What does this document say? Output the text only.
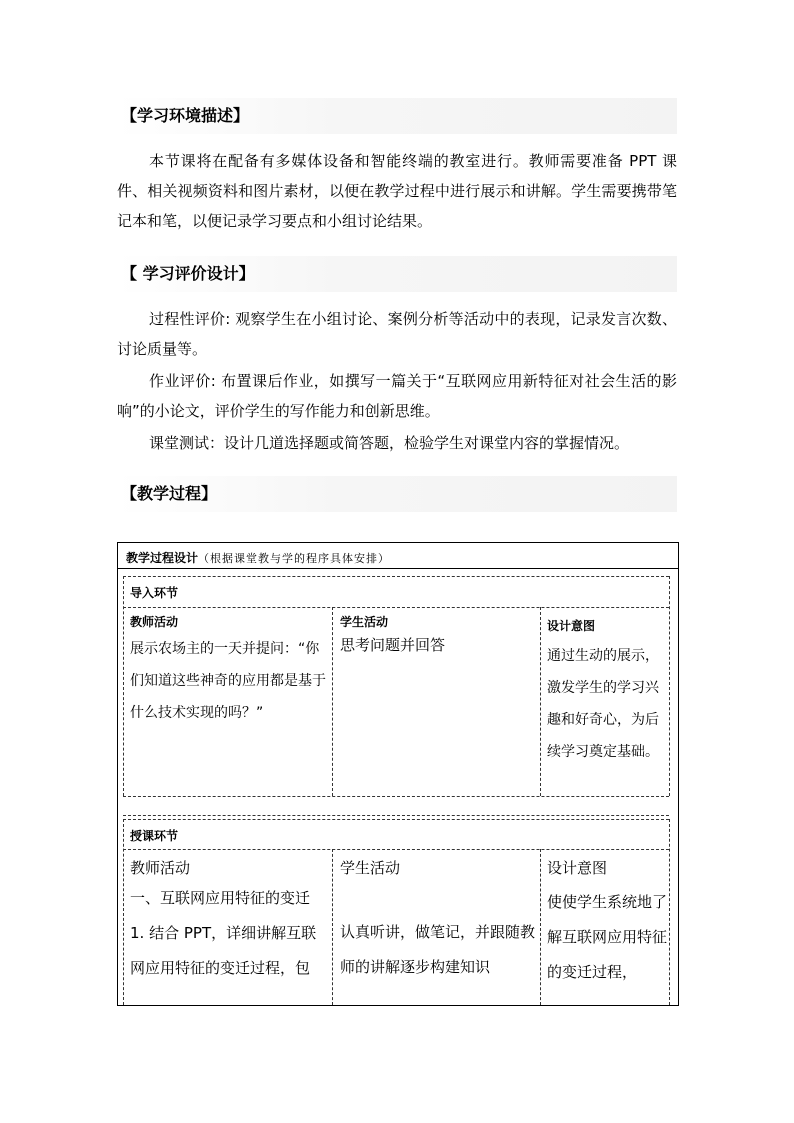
【学习环境描述】
本节课将在配备有多媒体设备和智能终端的教室进行。教师需要准备 PPT 课件、相关视频资料和图片素材，以便在教学过程中进行展示和讲解。学生需要携带笔记本和笔，以便记录学习要点和小组讨论结果。
【 学习评价设计】
过程性评价: 观察学生在小组讨论、案例分析等活动中的表现，记录发言次数、讨论质量等。
作业评价: 布置课后作业，如撰写一篇关于“互联网应用新特征对社会生活的影响”的小论文，评价学生的写作能力和创新思维。
课堂测试：设计几道选择题或简答题，检验学生对课堂内容的掌握情况。
【教学过程】
教学过程设计（根据课堂教与学的程序具体安排）
导入环节
教师活动
展示农场主的一天并提问：“你们知道这些神奇的应用都是基于什么技术实现的吗？”
学生活动
思考问题并回答
设计意图
通过生动的展示，激发学生的学习兴趣和好奇心，为后续学习奠定基础。
授课环节
教师活动
一、互联网应用特征的变迁 1. 结合 PPT，详细讲解互联网应用特征的变迁过程，包
学生活动
认真听讲，做笔记，并跟随教师的讲解逐步构建知识
设计意图
使使学生系统地了解互联网应用特征的变迁过程，
